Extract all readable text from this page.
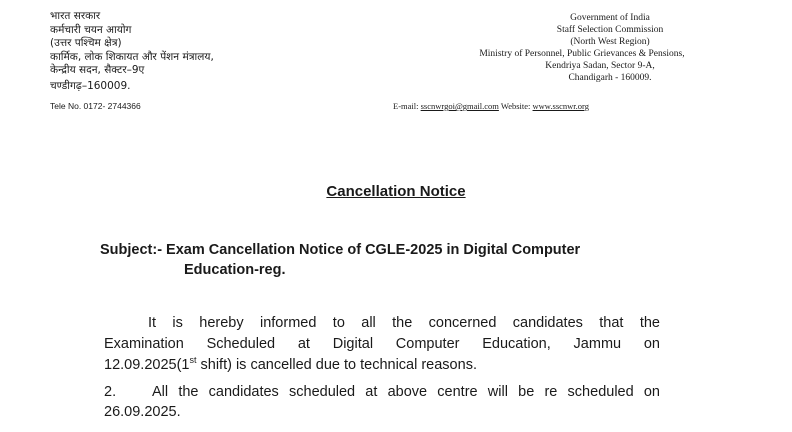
भारत सरकार
कर्मचारी चयन आयोग
(उत्तर पश्चिम क्षेत्र)
कार्मिक, लोक शिकायत और पेंशन मंत्रालय,
केन्द्रीय सदन, सैक्टर–9ए
चण्डीगढ़–160009.
Tele No. 0172- 2744366
Government of India
Staff Selection Commission
(North West Region)
Ministry of Personnel, Public Grievances & Pensions,
Kendriya Sadan, Sector 9-A,
Chandigarh - 160009.
E-mail: sscnwrgoi@gmail.com Website: www.sscnwr.org
Cancellation Notice
Subject:- Exam Cancellation Notice of CGLE-2025 in Digital Computer
Education-reg.
It is hereby informed to all the concerned candidates that the
Examination Scheduled at Digital Computer Education, Jammu on
12.09.2025(1st shift) is cancelled due to technical reasons.
2. All the candidates scheduled at above centre will be re scheduled on
26.09.2025.
